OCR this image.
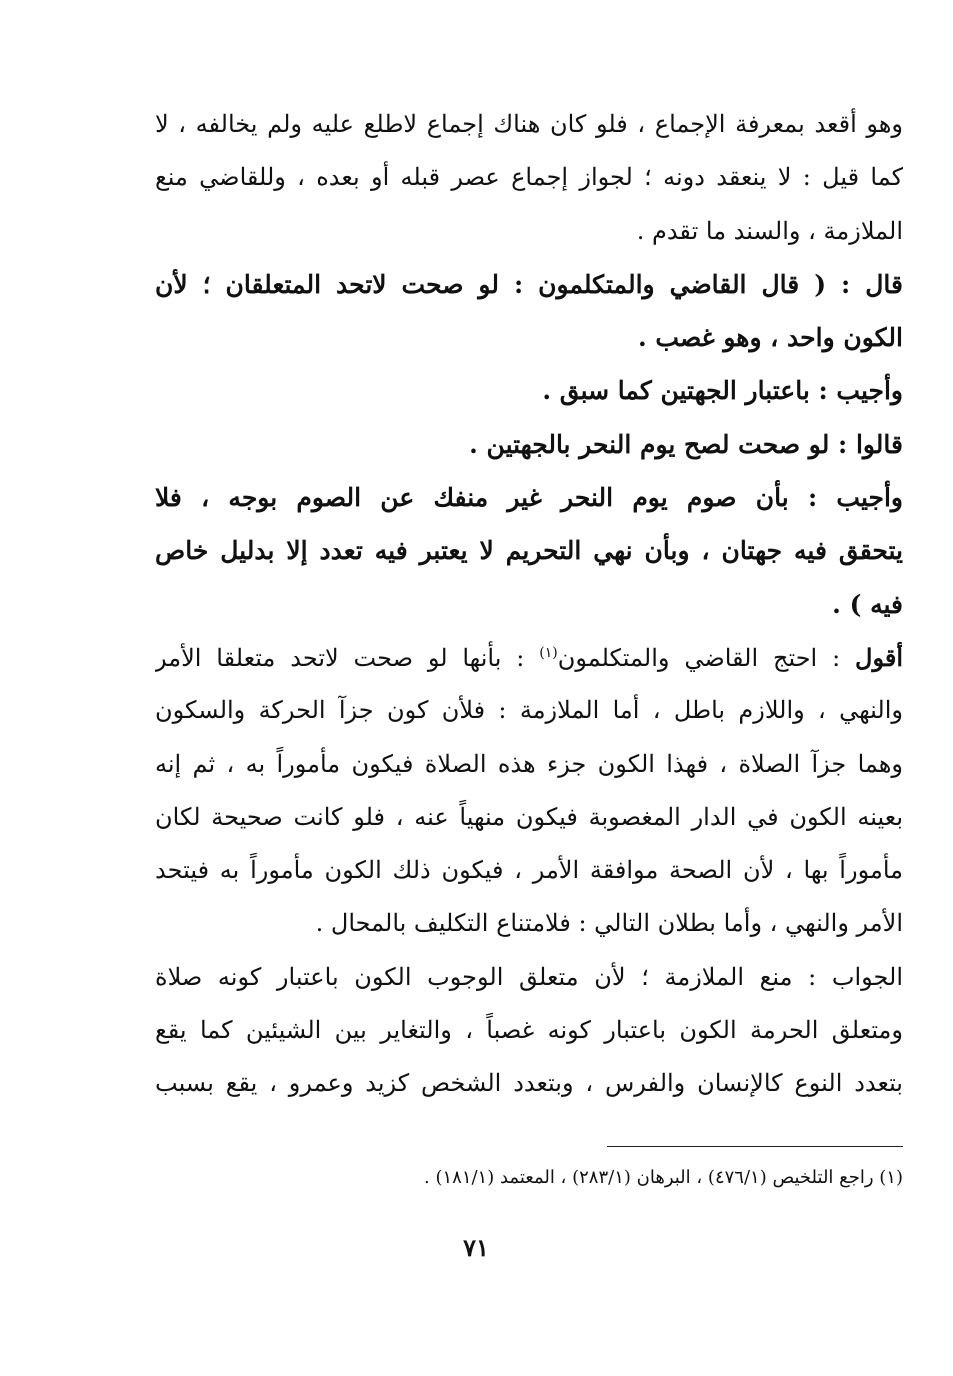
وهو أقعد بمعرفة الإجماع ، فلو كان هناك إجماع لاطلع عليه ولم يخالفه ، لا
كما قيل : لا ينعقد دونه ؛ لجواز إجماع عصر قبله أو بعده ، وللقاضي منع
الملازمة ، والسند ما تقدم .
قال : ( قال القاضي والمتكلمون : لو صحت لاتحد المتعلقان ؛ لأن
الكون واحد ، وهو غصب .
وأجيب : باعتبار الجهتين كما سبق .
قالوا : لو صحت لصح يوم النحر بالجهتين .
وأجيب : بأن صوم يوم النحر غير منفك عن الصوم بوجه ، فلا
يتحقق فيه جهتان ، وبأن نهي التحريم لا يعتبر فيه تعدد إلا بدليل خاص
فيه ) .
أقول : احتج القاضي والمتكلمون$^{(١)}$ : بأنها لو صحت لاتحد متعلقا الأمر
والنهي ، واللازم باطل ، أما الملازمة : فلأن كون جزآ الحركة والسكون
وهما جزآ الصلاة ، فهذا الكون جزء هذه الصلاة فيكون مأموراً به ، ثم إنه
بعينه الكون في الدار المغصوبة فيكون منهياً عنه ، فلو كانت صحيحة لكان
مأموراً بها ، لأن الصحة موافقة الأمر ، فيكون ذلك الكون مأموراً به فيتحد
الأمر والنهي ، وأما بطلان التالي : فلامتناع التكليف بالمحال .
الجواب : منع الملازمة ؛ لأن متعلق الوجوب الكون باعتبار كونه صلاة
ومتعلق الحرمة الكون باعتبار كونه غصباً ، والتغاير بين الشيئين كما يقع
بتعدد النوع كالإنسان والفرس ، وبتعدد الشخص كزيد وعمرو ، يقع بسبب
(١) راجع التلخيص (٤٧٦/١) ، البرهان (٢٨٣/١) ، المعتمد (١٨١/١) .
٧١
